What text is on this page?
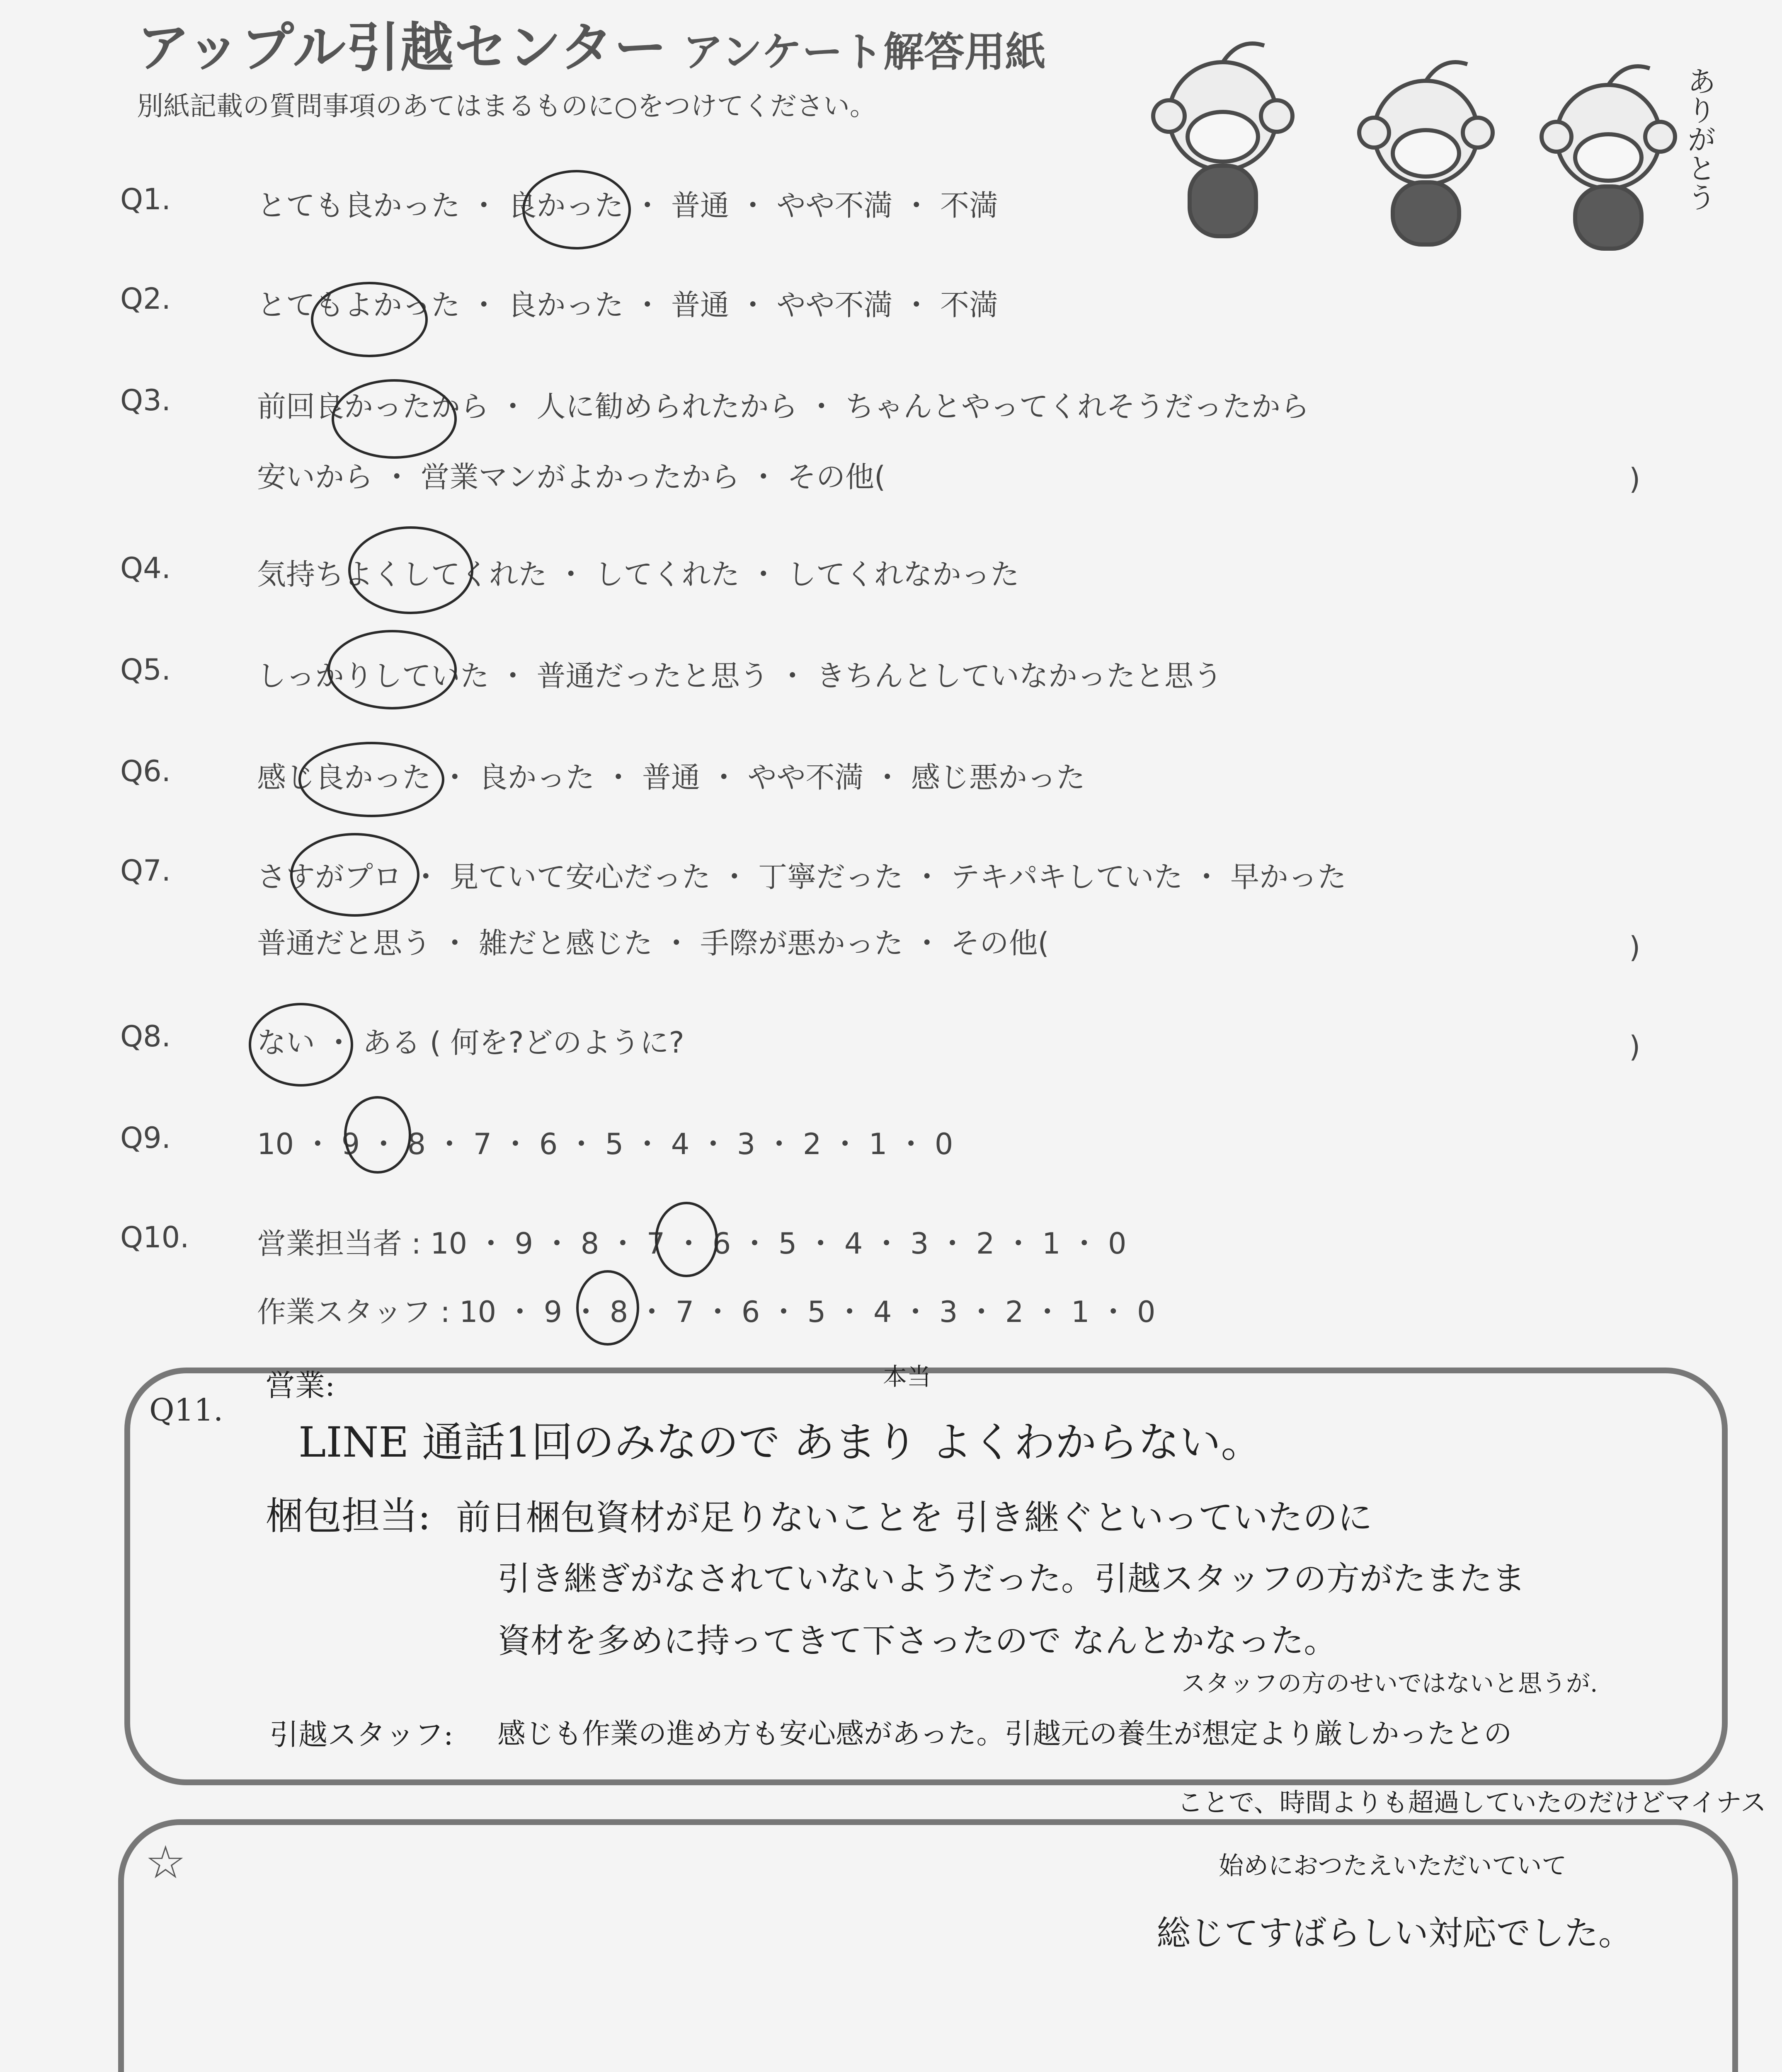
アップル引越センター アンケート解答用紙
別紙記載の質問事項のあてはまるものに○をつけてください。	ありがとう
Q1.	とても良かった ・ 良かった ・ 普通 ・ やや不満 ・ 不満
Q2.	とてもよかった ・ 良かった ・ 普通 ・ やや不満 ・ 不満
Q3.	前回良かったから ・ 人に勧められたから ・ ちゃんとやってくれそうだったから
安いから ・ 営業マンがよかったから ・ その他(	)
Q4.	気持ちよくしてくれた ・ してくれた ・ してくれなかった
Q5.	しっかりしていた ・ 普通だったと思う ・ きちんとしていなかったと思う
Q6.	感じ良かった ・ 良かった ・ 普通 ・ やや不満 ・ 感じ悪かった
Q7.	さすがプロ ・ 見ていて安心だった ・ 丁寧だった ・ テキパキしていた ・ 早かった
普通だと思う ・ 雑だと感じた ・ 手際が悪かった ・ その他(	)
Q8.	ない ・ ある ( 何を?どのように?	)
Q9.	10 ・ 9 ・ 8 ・ 7 ・ 6 ・ 5 ・ 4 ・ 3 ・ 2 ・ 1 ・ 0
Q10. 営業担当者 : 10 ・ 9 ・ 8 ・ 7 ・ 6 ・ 5 ・ 4 ・ 3 ・ 2 ・ 1 ・ 0
作業スタッフ : 10 ・ 9 ・ 8 ・ 7 ・ 6 ・ 5 ・ 4 ・ 3 ・ 2 ・ 1 ・ 0
Q11.
営業:	本当
LINE 通話1回のみなので あまり よくわからない。
梱包担当: 前日梱包資材が足りないことを 引き継ぐといっていたのに
引き継ぎがなされていないようだった。引越スタッフの方がたまたま
資材を多めに持ってきて下さったので なんとかなった。
スタッフの方のせいではないと思うが.
引越スタッフ: 感じも作業の進め方も安心感があった。引越元の養生が想定より厳しかったとの
ことで、時間よりも超過していたのだけどマイナス
始めにおつたえいただいていて
総じてすばらしい対応でした。
☆
